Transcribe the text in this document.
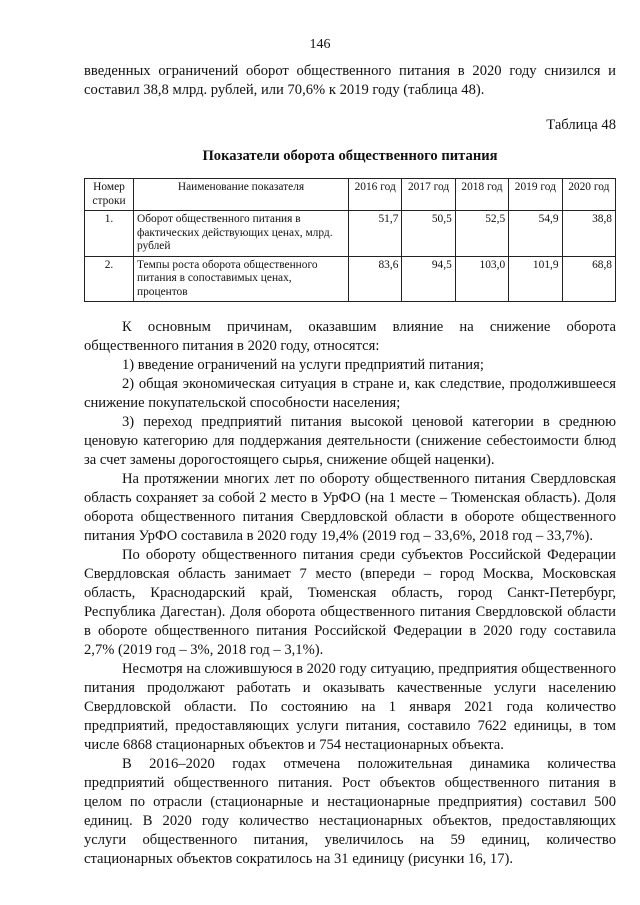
146

введенных ограничений оборот общественного питания в 2020 году снизился и составил 38,8 млрд. рублей, или 70,6% к 2019 году (таблица 48).

Таблица 48
Показатели оборота общественного питания
Номер строки	Наименование показателя	2016 год	2017 год	2018 год	2019 год	2020 год
1.	Оборот общественного питания в фактических действующих ценах, млрд. рублей	51,7	50,5	52,5	54,9	38,8
2.	Темпы роста оборота общественного питания в сопоставимых ценах, процентов	83,6	94,5	103,0	101,9	68,8

К основным причинам, оказавшим влияние на снижение оборота общественного питания в 2020 году, относятся:

1) введение ограничений на услуги предприятий питания;

2) общая экономическая ситуация в стране и, как следствие, продолжившееся снижение покупательской способности населения;

3) переход предприятий питания высокой ценовой категории в среднюю ценовую категорию для поддержания деятельности (снижение себестоимости блюд за счет замены дорогостоящего сырья, снижение общей наценки).

На протяжении многих лет по обороту общественного питания Свердловская область сохраняет за собой 2 место в УрФО (на 1 месте – Тюменская область). Доля оборота общественного питания Свердловской области в обороте общественного питания УрФО составила в 2020 году 19,4% (2019 год – 33,6%, 2018 год – 33,7%).

По обороту общественного питания среди субъектов Российской Федерации Свердловская область занимает 7 место (впереди – город Москва, Московская область, Краснодарский край, Тюменская область, город Санкт-Петербург, Республика Дагестан). Доля оборота общественного питания Свердловской области в обороте общественного питания Российской Федерации в 2020 году составила 2,7% (2019 год – 3%, 2018 год – 3,1%).

Несмотря на сложившуюся в 2020 году ситуацию, предприятия общественного питания продолжают работать и оказывать качественные услуги населению Свердловской области. По состоянию на 1 января 2021 года количество предприятий, предоставляющих услуги питания, составило 7622 единицы, в том числе 6868 стационарных объектов и 754 нестационарных объекта.

В 2016–2020 годах отмечена положительная динамика количества предприятий общественного питания. Рост объектов общественного питания в целом по отрасли (стационарные и нестационарные предприятия) составил 500 единиц. В 2020 году количество нестационарных объектов, предоставляющих услуги общественного питания, увеличилось на 59 единиц, количество стационарных объектов сократилось на 31 единицу (рисунки 16, 17).
